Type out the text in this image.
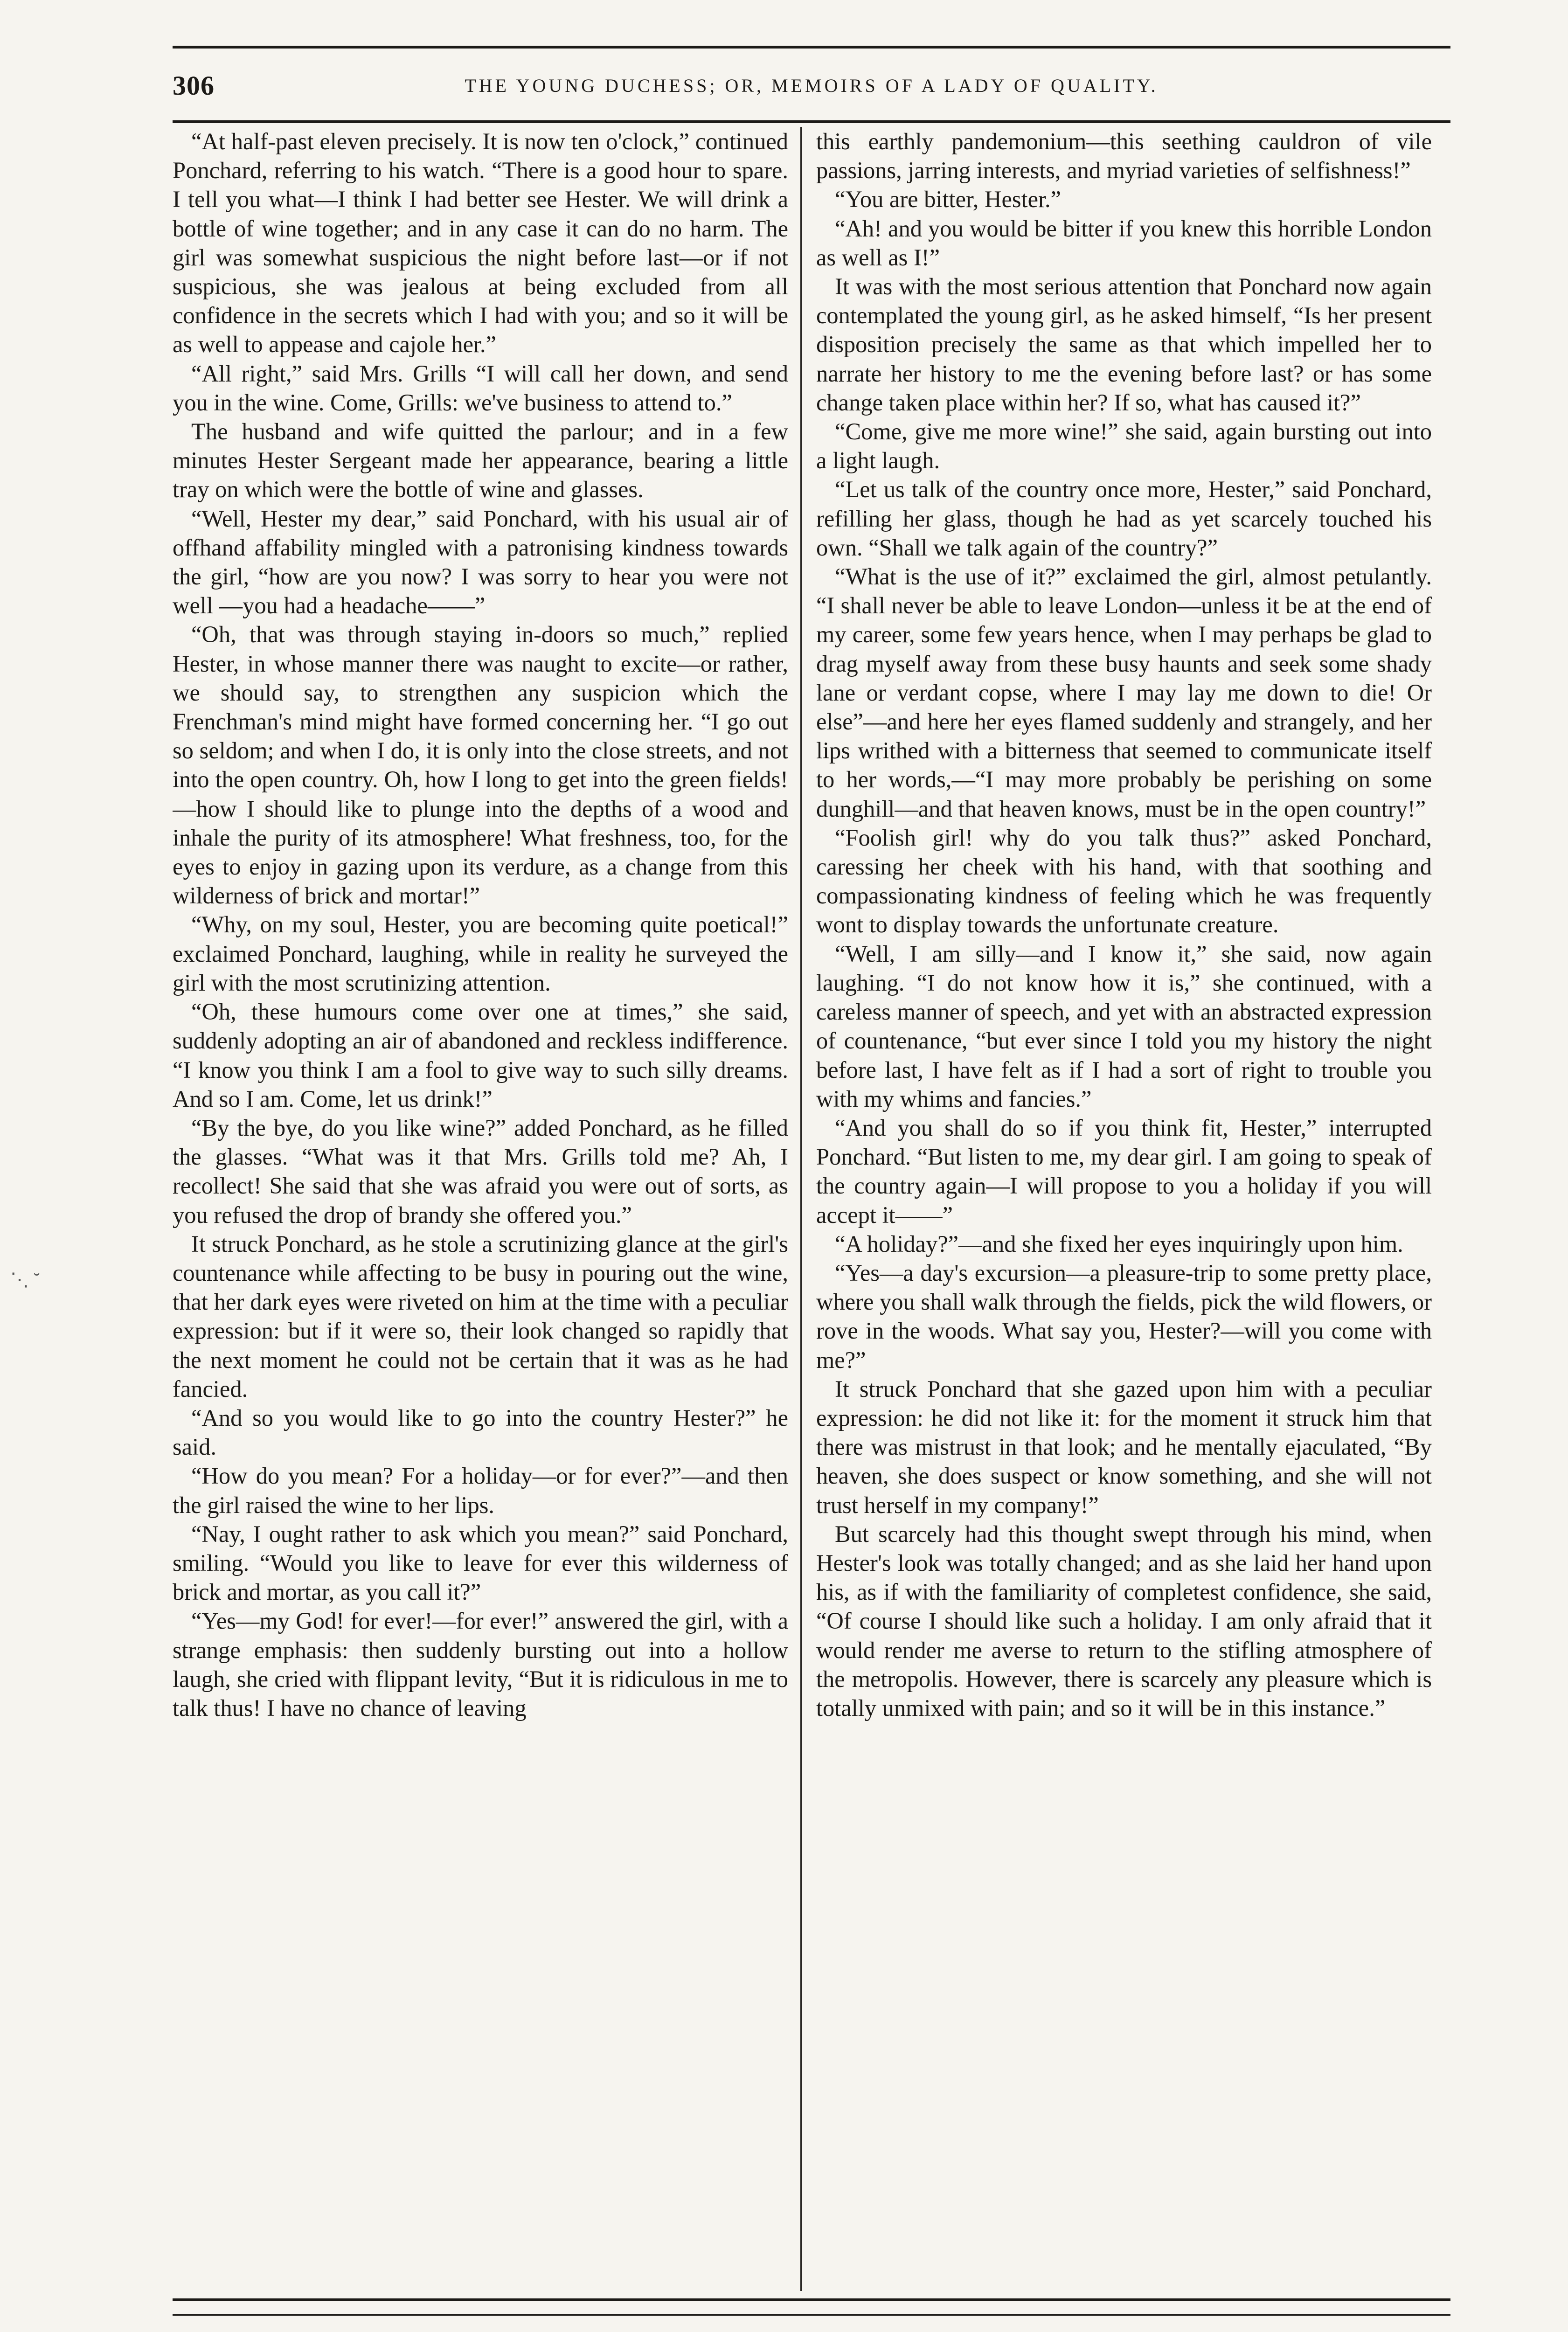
306	THE YOUNG DUCHESS; OR, MEMOIRS OF A LADY OF QUALITY.

“At half-past eleven precisely. It is now ten o'clock,” continued Ponchard, referring to his watch. “There is a good hour to spare. I tell you what—I think I had better see Hester. We will drink a bottle of wine together; and in any case it can do no harm. The girl was somewhat suspicious the night before last—or if not suspicious, she was jealous at being excluded from all confidence in the secrets which I had with you; and so it will be as well to appease and cajole her.”

“All right,” said Mrs. Grills “I will call her down, and send you in the wine. Come, Grills: we've business to attend to.”

The husband and wife quitted the parlour; and in a few minutes Hester Sergeant made her appearance, bearing a little tray on which were the bottle of wine and glasses.

“Well, Hester my dear,” said Ponchard, with his usual air of offhand affability mingled with a patronising kindness towards the girl, “how are you now? I was sorry to hear you were not well —you had a headache——”

“Oh, that was through staying in-doors so much,” replied Hester, in whose manner there was naught to excite—or rather, we should say, to strengthen any suspicion which the Frenchman's mind might have formed concerning her. “I go out so seldom; and when I do, it is only into the close streets, and not into the open country. Oh, how I long to get into the green fields!—how I should like to plunge into the depths of a wood and inhale the purity of its atmosphere! What freshness, too, for the eyes to enjoy in gazing upon its verdure, as a change from this wilderness of brick and mortar!”

“Why, on my soul, Hester, you are becoming quite poetical!” exclaimed Ponchard, laughing, while in reality he surveyed the girl with the most scrutinizing attention.

“Oh, these humours come over one at times,” she said, suddenly adopting an air of abandoned and reckless indifference. “I know you think I am a fool to give way to such silly dreams. And so I am. Come, let us drink!”

“By the bye, do you like wine?” added Ponchard, as he filled the glasses. “What was it that Mrs. Grills told me? Ah, I recollect! She said that she was afraid you were out of sorts, as you refused the drop of brandy she offered you.”

It struck Ponchard, as he stole a scrutinizing glance at the girl's countenance while affecting to be busy in pouring out the wine, that her dark eyes were riveted on him at the time with a peculiar expression: but if it were so, their look changed so rapidly that the next moment he could not be certain that it was as he had fancied.

“And so you would like to go into the country Hester?” he said.

“How do you mean? For a holiday—or for ever?”—and then the girl raised the wine to her lips.

“Nay, I ought rather to ask which you mean?” said Ponchard, smiling. “Would you like to leave for ever this wilderness of brick and mortar, as you call it?”

“Yes—my God! for ever!—for ever!” answered the girl, with a strange emphasis: then suddenly bursting out into a hollow laugh, she cried with flippant levity, “But it is ridiculous in me to talk thus! I have no chance of leaving

this earthly pandemonium—this seething cauldron of vile passions, jarring interests, and myriad varieties of selfishness!”

“You are bitter, Hester.”

“Ah! and you would be bitter if you knew this horrible London as well as I!”

It was with the most serious attention that Ponchard now again contemplated the young girl, as he asked himself, “Is her present disposition precisely the same as that which impelled her to narrate her history to me the evening before last? or has some change taken place within her? If so, what has caused it?”

“Come, give me more wine!” she said, again bursting out into a light laugh.

“Let us talk of the country once more, Hester,” said Ponchard, refilling her glass, though he had as yet scarcely touched his own. “Shall we talk again of the country?”

“What is the use of it?” exclaimed the girl, almost petulantly. “I shall never be able to leave London—unless it be at the end of my career, some few years hence, when I may perhaps be glad to drag myself away from these busy haunts and seek some shady lane or verdant copse, where I may lay me down to die! Or else”—and here her eyes flamed suddenly and strangely, and her lips writhed with a bitterness that seemed to communicate itself to her words,—“I may more probably be perishing on some dunghill—and that heaven knows, must be in the open country!”

“Foolish girl! why do you talk thus?” asked Ponchard, caressing her cheek with his hand, with that soothing and compassionating kindness of feeling which he was frequently wont to display towards the unfortunate creature.

“Well, I am silly—and I know it,” she said, now again laughing. “I do not know how it is,” she continued, with a careless manner of speech, and yet with an abstracted expression of countenance, “but ever since I told you my history the night before last, I have felt as if I had a sort of right to trouble you with my whims and fancies.”

“And you shall do so if you think fit, Hester,” interrupted Ponchard. “But listen to me, my dear girl. I am going to speak of the country again—I will propose to you a holiday if you will accept it——”

“A holiday?”—and she fixed her eyes inquiringly upon him.

“Yes—a day's excursion—a pleasure-trip to some pretty place, where you shall walk through the fields, pick the wild flowers, or rove in the woods. What say you, Hester?—will you come with me?”

It struck Ponchard that she gazed upon him with a peculiar expression: he did not like it: for the moment it struck him that there was mistrust in that look; and he mentally ejaculated, “By heaven, she does suspect or know something, and she will not trust herself in my company!”

But scarcely had this thought swept through his mind, when Hester's look was totally changed; and as she laid her hand upon his, as if with the familiarity of completest confidence, she said, “Of course I should like such a holiday. I am only afraid that it would render me averse to return to the stifling atmosphere of the metropolis. However, there is scarcely any pleasure which is totally unmixed with pain; and so it will be in this instance.”

⋱ ˘
